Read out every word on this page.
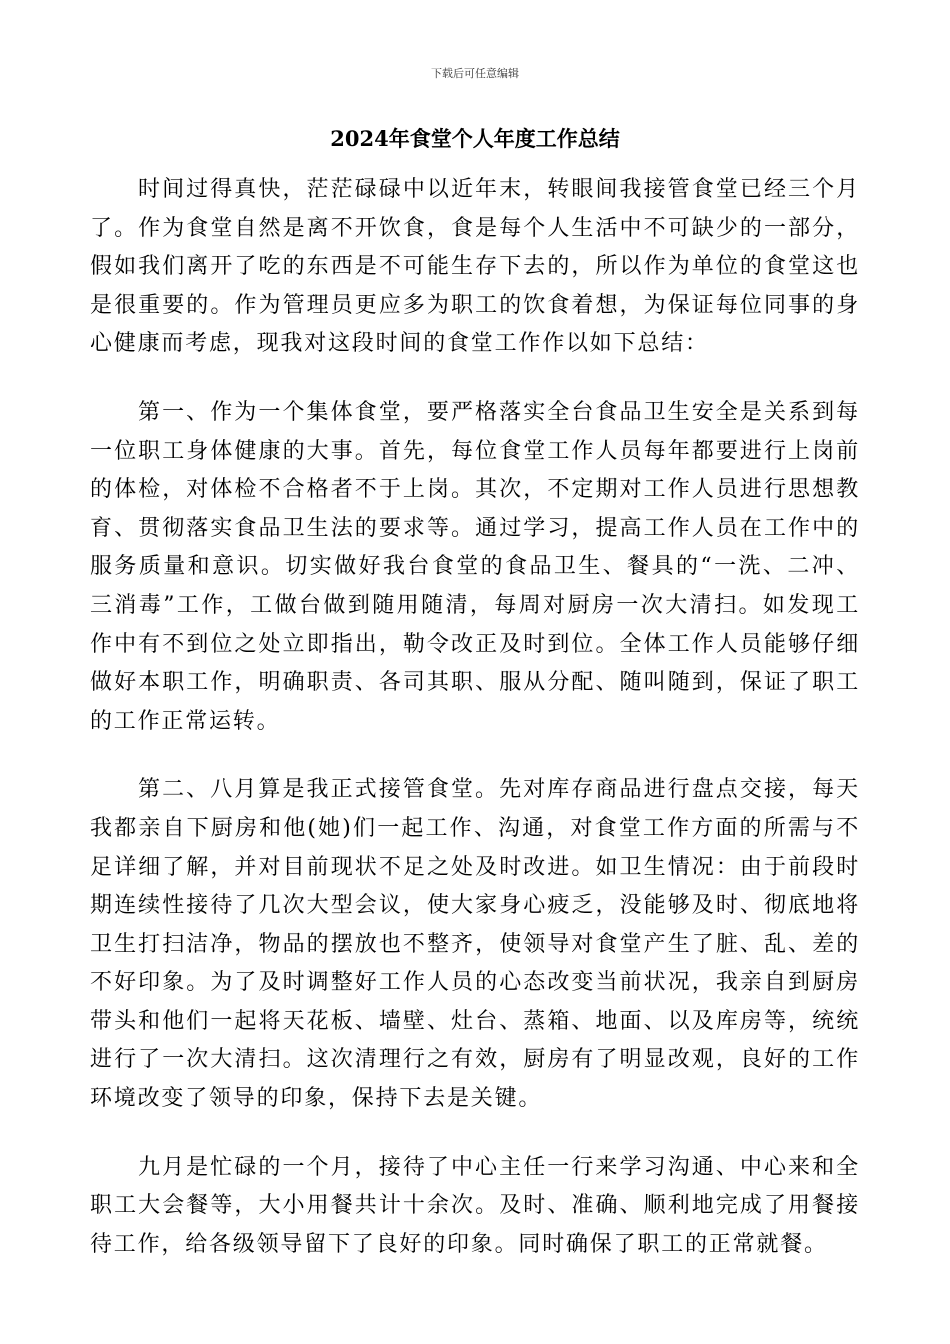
下载后可任意编辑
2024年食堂个人年度工作总结

时间过得真快，茫茫碌碌中以近年末，转眼间我接管食堂已经三个月了。作为食堂自然是离不开饮食，食是每个人生活中不可缺少的一部分，假如我们离开了吃的东西是不可能生存下去的，所以作为单位的食堂这也是很重要的。作为管理员更应多为职工的饮食着想，为保证每位同事的身心健康而考虑，现我对这段时间的食堂工作作以如下总结：

第一、作为一个集体食堂，要严格落实全台食品卫生安全是关系到每一位职工身体健康的大事。首先，每位食堂工作人员每年都要进行上岗前的体检，对体检不合格者不于上岗。其次，不定期对工作人员进行思想教育、贯彻落实食品卫生法的要求等。通过学习，提高工作人员在工作中的服务质量和意识。切实做好我台食堂的食品卫生、餐具的“一洗、二冲、三消毒”工作，工做台做到随用随清，每周对厨房一次大清扫。如发现工作中有不到位之处立即指出，勒令改正及时到位。全体工作人员能够仔细做好本职工作，明确职责、各司其职、服从分配、随叫随到，保证了职工的工作正常运转。

第二、八月算是我正式接管食堂。先对库存商品进行盘点交接，每天我都亲自下厨房和他(她)们一起工作、沟通，对食堂工作方面的所需与不足详细了解，并对目前现状不足之处及时改进。如卫生情况：由于前段时期连续性接待了几次大型会议，使大家身心疲乏，没能够及时、彻底地将卫生打扫洁净，物品的摆放也不整齐，使领导对食堂产生了脏、乱、差的不好印象。为了及时调整好工作人员的心态改变当前状况，我亲自到厨房带头和他们一起将天花板、墙壁、灶台、蒸箱、地面、以及库房等，统统进行了一次大清扫。这次清理行之有效，厨房有了明显改观，良好的工作环境改变了领导的印象，保持下去是关键。

九月是忙碌的一个月，接待了中心主任一行来学习沟通、中心来和全职工大会餐等，大小用餐共计十余次。及时、准确、顺利地完成了用餐接待工作，给各级领导留下了良好的印象。同时确保了职工的正常就餐。
